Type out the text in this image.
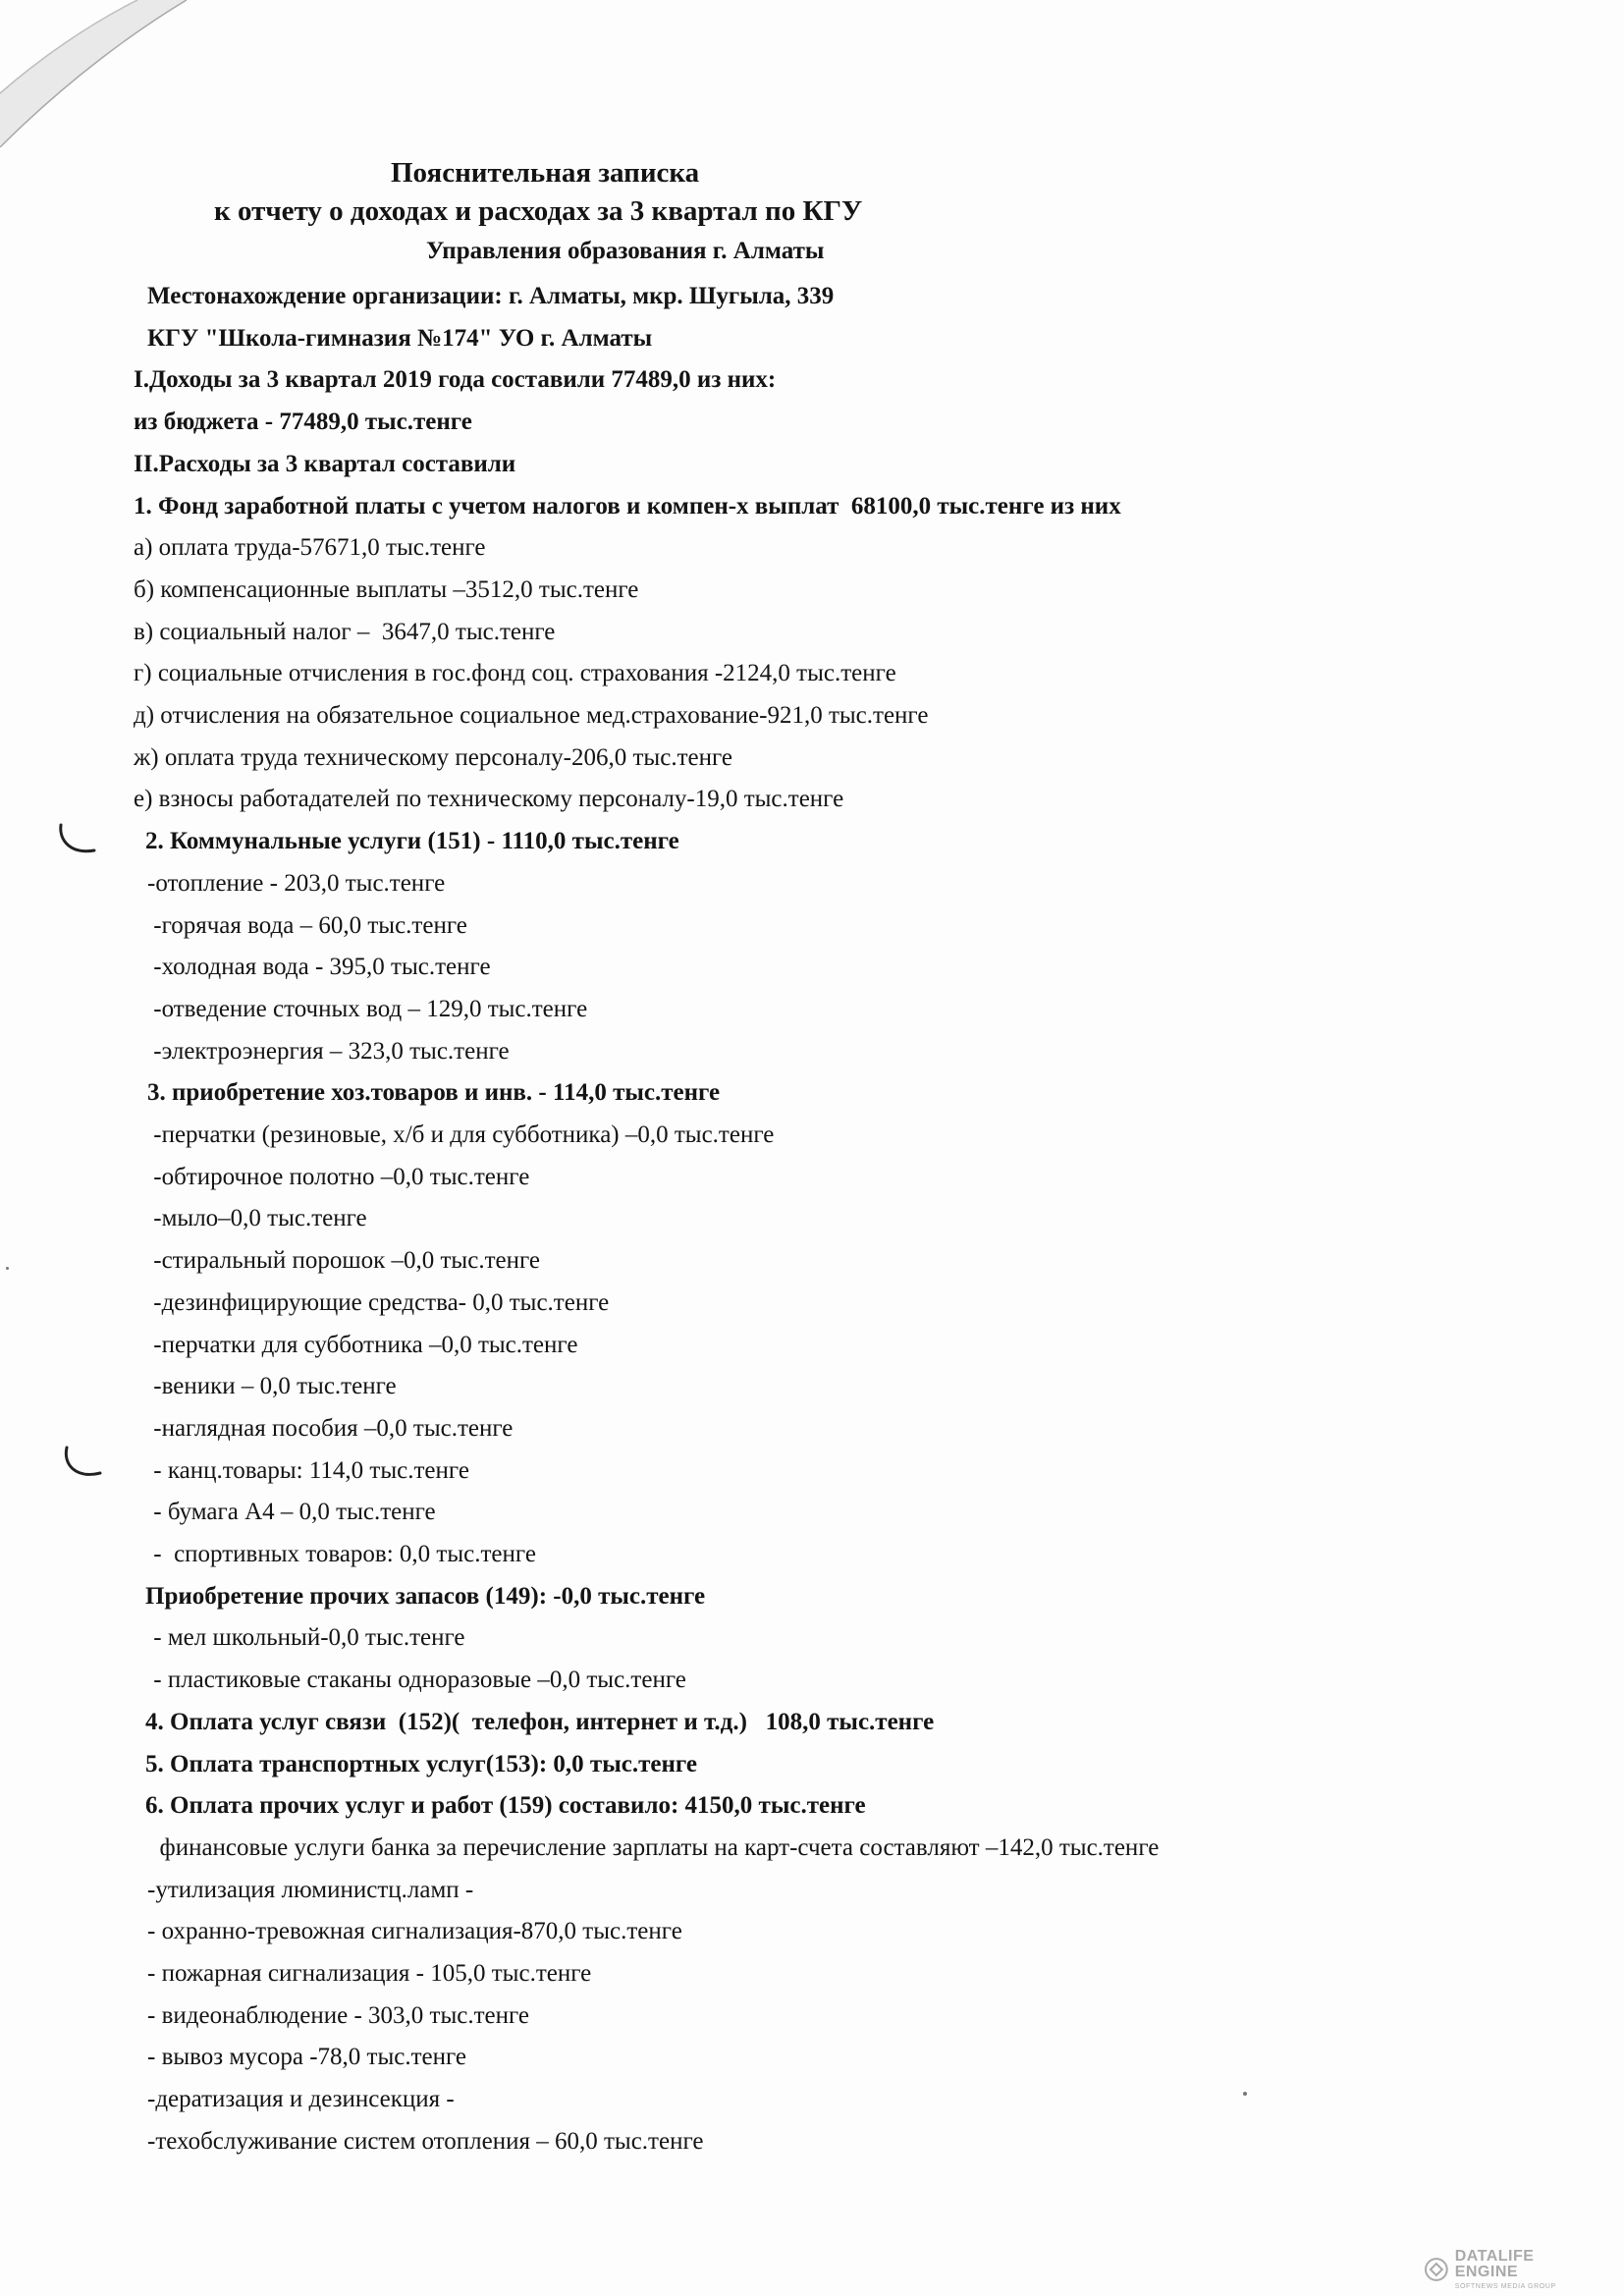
Пояснительная записка
к отчету о доходах и расходах за 3 квартал по КГУ
Управления образования г. Алматы
Местонахождение организации: г. Алматы, мкр. Шугыла, 339
КГУ "Школа-гимназия №174" УО г. Алматы
I.Доходы за 3 квартал 2019 года составили 77489,0 из них:
из бюджета - 77489,0 тыс.тенге
II.Расходы за 3 квартал составили
1. Фонд заработной платы с учетом налогов и компен-х выплат  68100,0 тыс.тенге из них
а) оплата труда-57671,0 тыс.тенге
б) компенсационные выплаты –3512,0 тыс.тенге
в) социальный налог –  3647,0 тыс.тенге
г) социальные отчисления в гос.фонд соц. страхования -2124,0 тыс.тенге
д) отчисления на обязательное социальное мед.страхование-921,0 тыс.тенге
ж) оплата труда техническому персоналу-206,0 тыс.тенге
е) взносы работадателей по техническому персоналу-19,0 тыс.тенге
2. Коммунальные услуги (151) - 1110,0 тыс.тенге
-отопление - 203,0 тыс.тенге
-горячая вода – 60,0 тыс.тенге
-холодная вода - 395,0 тыс.тенге
-отведение сточных вод – 129,0 тыс.тенге
-электроэнергия – 323,0 тыс.тенге
3. приобретение хоз.товаров и инв. - 114,0 тыс.тенге
-перчатки (резиновые, х/б и для субботника) –0,0 тыс.тенге
-обтирочное полотно –0,0 тыс.тенге
-мыло–0,0 тыс.тенге
-стиральный порошок –0,0 тыс.тенге
-дезинфицирующие средства- 0,0 тыс.тенге
-перчатки для субботника –0,0 тыс.тенге
-веники – 0,0 тыс.тенге
-наглядная пособия –0,0 тыс.тенге
- канц.товары: 114,0 тыс.тенге
- бумага А4 – 0,0 тыс.тенге
-  спортивных товаров: 0,0 тыс.тенге
Приобретение прочих запасов (149): -0,0 тыс.тенге
- мел школьный-0,0 тыс.тенге
- пластиковые стаканы одноразовые –0,0 тыс.тенге
4. Оплата услуг связи  (152)(  телефон, интернет и т.д.)   108,0 тыс.тенге
5. Оплата транспортных услуг(153): 0,0 тыс.тенге
6. Оплата прочих услуг и работ (159) составило: 4150,0 тыс.тенге
финансовые услуги банка за перечисление зарплаты на карт-счета составляют –142,0 тыс.тенге
-утилизация люминистц.ламп -
- охранно-тревожная сигнализация-870,0 тыс.тенге
- пожарная сигнализация - 105,0 тыс.тенге
- видеонаблюдение - 303,0 тыс.тенге
- вывоз мусора -78,0 тыс.тенге
-дератизация и дезинсекция -
-техобслуживание систем отопления – 60,0 тыс.тенге
DATALIFE ENGINE
SOFTNEWS MEDIA GROUP
